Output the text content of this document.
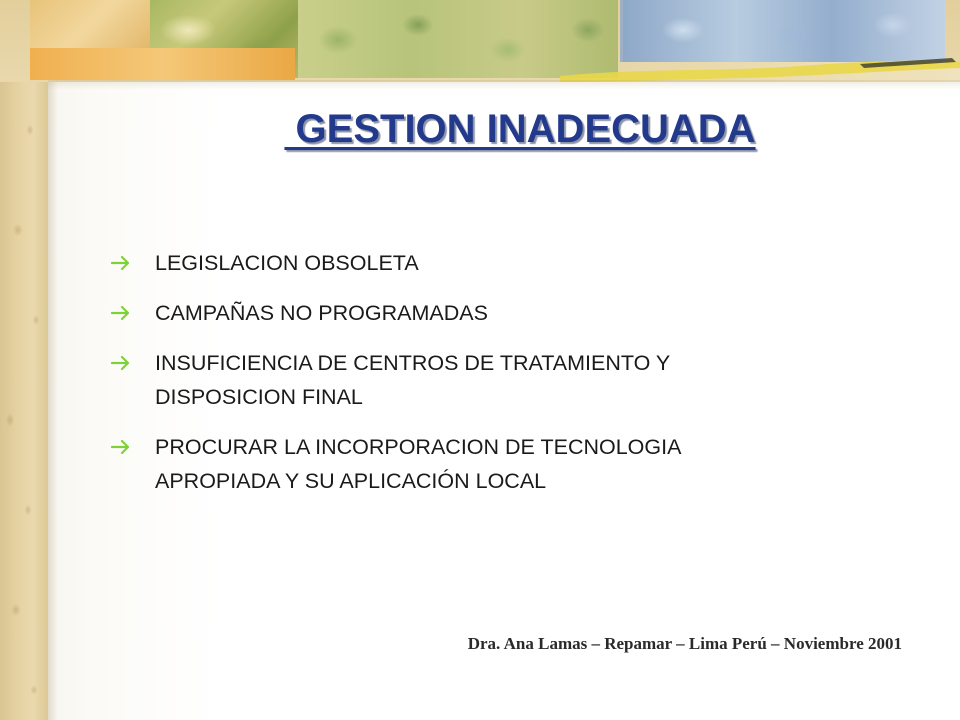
GESTION INADECUADA
LEGISLACION OBSOLETA
CAMPAÑAS NO PROGRAMADAS
INSUFICIENCIA DE CENTROS DE TRATAMIENTO Y
DISPOSICION FINAL
PROCURAR LA INCORPORACION DE TECNOLOGIA
APROPIADA Y SU APLICACIÓN LOCAL
Dra. Ana Lamas – Repamar – Lima Perú – Noviembre 2001
